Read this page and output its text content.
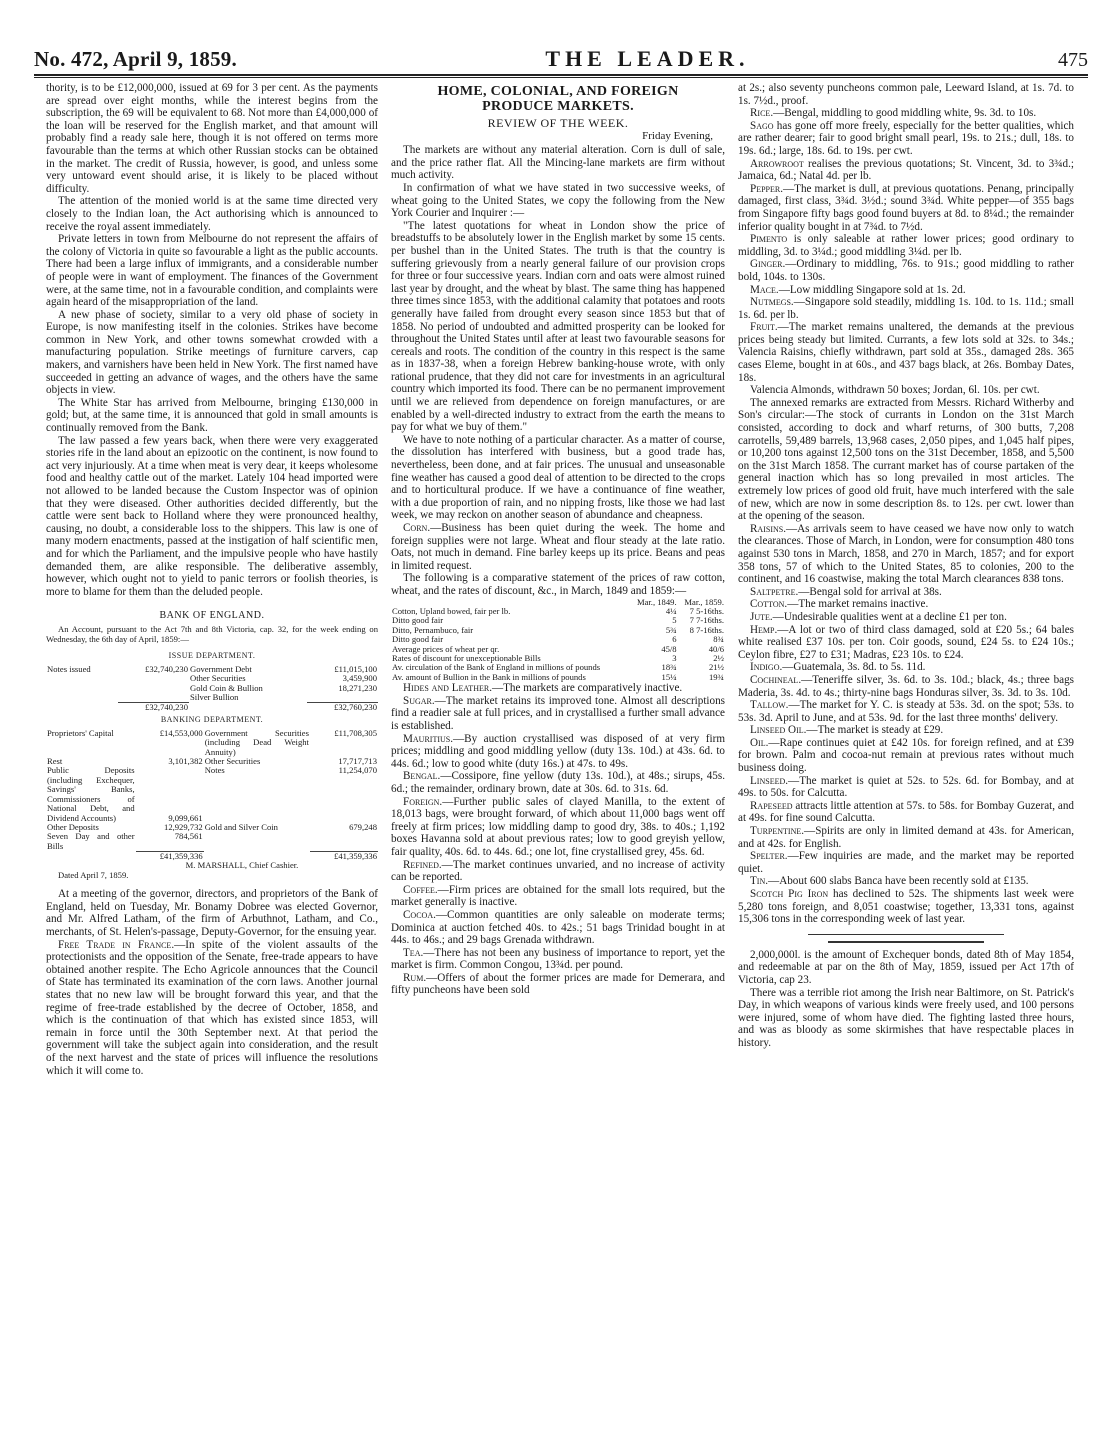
No. 472, April 9, 1859.	THE LEADER.	475

thority, is to be £12,000,000, issued at 69 for 3 per cent. As the payments are spread over eight months, while the interest begins from the subscription, the 69 will be equivalent to 68. Not more than £4,000,000 of the loan will be reserved for the English market, and that amount will probably find a ready sale here, though it is not offered on terms more favourable than the terms at which other Russian stocks can be obtained in the market. The credit of Russia, however, is good, and unless some very untoward event should arise, it is likely to be placed without difficulty.

The attention of the monied world is at the same time directed very closely to the Indian loan, the Act authorising which is announced to receive the royal assent immediately.

Private letters in town from Melbourne do not represent the affairs of the colony of Victoria in quite so favourable a light as the public accounts. There had been a large influx of immigrants, and a considerable number of people were in want of employment. The finances of the Government were, at the same time, not in a favourable condition, and complaints were again heard of the misappropriation of the land.

A new phase of society, similar to a very old phase of society in Europe, is now manifesting itself in the colonies. Strikes have become common in New York, and other towns somewhat crowded with a manufacturing population. Strike meetings of furniture carvers, cap makers, and varnishers have been held in New York. The first named have succeeded in getting an advance of wages, and the others have the same objects in view.

The White Star has arrived from Melbourne, bringing £130,000 in gold; but, at the same time, it is announced that gold in small amounts is continually removed from the Bank.

The law passed a few years back, when there were very exaggerated stories rife in the land about an epizootic on the continent, is now found to act very injuriously. At a time when meat is very dear, it keeps wholesome food and healthy cattle out of the market. Lately 104 head imported were not allowed to be landed because the Custom Inspector was of opinion that they were diseased. Other authorities decided differently, but the cattle were sent back to Holland where they were pronounced healthy, causing, no doubt, a considerable loss to the shippers. This law is one of many modern enactments, passed at the instigation of half scientific men, and for which the Parliament, and the impulsive people who have hastily demanded them, are alike responsible. The deliberative assembly, however, which ought not to yield to panic terrors or foolish theories, is more to blame for them than the deluded people.

BANK OF ENGLAND.

An Account, pursuant to the Act 7th and 8th Victoria, cap. 32, for the week ending on Wednesday, the 6th day of April, 1859:—

ISSUE DEPARTMENT.
Notes issued	£32,740,230	Government Debt	£11,015,100
		Other Securities	3,459,900
		Gold Coin & Bullion	18,271,230
		Silver Bullion	
	£32,740,230		£32,760,230
BANKING DEPARTMENT.
Proprietors' Capital	£14,553,000	Government Securities (including Dead Weight Annuity)	£11,708,305
Rest	3,101,382	Other Securities	17,717,713
Public Deposits (including Exchequer, Savings' Banks, Commissioners of National Debt, and Dividend Accounts)	9,099,661	Notes	11,254,070
Other Deposits	12,929,732	Gold and Silver Coin	679,248
Seven Day and other Bills	784,561		
	£41,359,336		£41,359,336
M. MARSHALL, Chief Cashier.

Dated April 7, 1859.

At a meeting of the governor, directors, and proprietors of the Bank of England, held on Tuesday, Mr. Bonamy Dobree was elected Governor, and Mr. Alfred Latham, of the firm of Arbuthnot, Latham, and Co., merchants, of St. Helen's-passage, Deputy-Governor, for the ensuing year.

Free Trade in France.—In spite of the violent assaults of the protectionists and the opposition of the Senate, free-trade appears to have obtained another respite. The Echo Agricole announces that the Council of State has terminated its examination of the corn laws. Another journal states that no new law will be brought forward this year, and that the regime of free-trade established by the decree of October, 1858, and which is the continuation of that which has existed since 1853, will remain in force until the 30th September next. At that period the government will take the subject again into consideration, and the result of the next harvest and the state of prices will influence the resolutions which it will come to.

HOME, COLONIAL, AND FOREIGN
PRODUCE MARKETS.
REVIEW OF THE WEEK.
Friday Evening,

The markets are without any material alteration. Corn is dull of sale, and the price rather flat. All the Mincing-lane markets are firm without much activity.

In confirmation of what we have stated in two successive weeks, of wheat going to the United States, we copy the following from the New York Courier and Inquirer :—

"The latest quotations for wheat in London show the price of breadstuffs to be absolutely lower in the English market by some 15 cents. per bushel than in the United States. The truth is that the country is suffering grievously from a nearly general failure of our provision crops for three or four successive years. Indian corn and oats were almost ruined last year by drought, and the wheat by blast. The same thing has happened three times since 1853, with the additional calamity that potatoes and roots generally have failed from drought every season since 1853 but that of 1858. No period of undoubted and admitted prosperity can be looked for throughout the United States until after at least two favourable seasons for cereals and roots. The condition of the country in this respect is the same as in 1837-38, when a foreign Hebrew banking-house wrote, with only rational prudence, that they did not care for investments in an agricultural country which imported its food. There can be no permanent improvement until we are relieved from dependence on foreign manufactures, or are enabled by a well-directed industry to extract from the earth the means to pay for what we buy of them."

We have to note nothing of a particular character. As a matter of course, the dissolution has interfered with business, but a good trade has, nevertheless, been done, and at fair prices. The unusual and unseasonable fine weather has caused a good deal of attention to be directed to the crops and to horticultural produce. If we have a continuance of fine weather, with a due proportion of rain, and no nipping frosts, like those we had last week, we may reckon on another season of abundance and cheapness.

Corn.—Business has been quiet during the week. The home and foreign supplies were not large. Wheat and flour steady at the late ratio. Oats, not much in demand. Fine barley keeps up its price. Beans and peas in limited request.

The following is a comparative statement of the prices of raw cotton, wheat, and the rates of discount, &c., in March, 1849 and 1859:—

	Mar., 1849.	Mar., 1859.
Cotton, Upland bowed, fair per lb.	4¼	7 5-16ths.
Ditto good fair	5	7 7-16ths.
Ditto, Pernambuco, fair	5¾	8 7-16ths.
Ditto good fair	6	8¾
Average prices of wheat per qr.	45/8	40/6
Rates of discount for unexceptionable Bills	3	2½
Av. circulation of the Bank of England in millions of pounds	18¾	21½
Av. amount of Bullion in the Bank in millions of pounds	15¼	19¾

Hides and Leather.—The markets are comparatively inactive.

Sugar.—The market retains its improved tone. Almost all descriptions find a readier sale at full prices, and in crystallised a further small advance is established.

Mauritius.—By auction crystallised was disposed of at very firm prices; middling and good middling yellow (duty 13s. 10d.) at 43s. 6d. to 44s. 6d.; low to good white (duty 16s.) at 47s. to 49s.

Bengal.—Cossipore, fine yellow (duty 13s. 10d.), at 48s.; sirups, 45s. 6d.; the remainder, ordinary brown, date at 30s. 6d. to 31s. 6d.

Foreign.—Further public sales of clayed Manilla, to the extent of 18,013 bags, were brought forward, of which about 11,000 bags went off freely at firm prices; low middling damp to good dry, 38s. to 40s.; 1,192 boxes Havanna sold at about previous rates; low to good greyish yellow, fair quality, 40s. 6d. to 44s. 6d.; one lot, fine crystallised grey, 45s. 6d.

Refined.—The market continues unvaried, and no increase of activity can be reported.

Coffee.—Firm prices are obtained for the small lots required, but the market generally is inactive.

Cocoa.—Common quantities are only saleable on moderate terms; Dominica at auction fetched 40s. to 42s.; 51 bags Trinidad bought in at 44s. to 46s.; and 29 bags Grenada withdrawn.

Tea.—There has not been any business of importance to report, yet the market is firm. Common Congou, 13¾d. per pound.

Rum.—Offers of about the former prices are made for Demerara, and fifty puncheons have been sold

at 2s.; also seventy puncheons common pale, Leeward Island, at 1s. 7d. to 1s. 7½d., proof.

Rice.—Bengal, middling to good middling white, 9s. 3d. to 10s.

Sago has gone off more freely, especially for the better qualities, which are rather dearer; fair to good bright small pearl, 19s. to 21s.; dull, 18s. to 19s. 6d.; large, 18s. 6d. to 19s. per cwt.

Arrowroot realises the previous quotations; St. Vincent, 3d. to 3¾d.; Jamaica, 6d.; Natal 4d. per lb.

Pepper.—The market is dull, at previous quotations. Penang, principally damaged, first class, 3¾d. 3½d.; sound 3¾d. White pepper—of 355 bags from Singapore fifty bags good found buyers at 8d. to 8¼d.; the remainder inferior quality bought in at 7¾d. to 7½d.

Pimento is only saleable at rather lower prices; good ordinary to middling, 3d. to 3¼d.; good middling 3¼d. per lb.

Ginger.—Ordinary to middling, 76s. to 91s.; good middling to rather bold, 104s. to 130s.

Mace.—Low middling Singapore sold at 1s. 2d.

Nutmegs.—Singapore sold steadily, middling 1s. 10d. to 1s. 11d.; small 1s. 6d. per lb.

Fruit.—The market remains unaltered, the demands at the previous prices being steady but limited. Currants, a few lots sold at 32s. to 34s.; Valencia Raisins, chiefly withdrawn, part sold at 35s., damaged 28s. 365 cases Eleme, bought in at 60s., and 437 bags black, at 26s. Bombay Dates, 18s.

Valencia Almonds, withdrawn 50 boxes; Jordan, 6l. 10s. per cwt.

The annexed remarks are extracted from Messrs. Richard Witherby and Son's circular:—The stock of currants in London on the 31st March consisted, according to dock and wharf returns, of 300 butts, 7,208 carrotells, 59,489 barrels, 13,968 cases, 2,050 pipes, and 1,045 half pipes, or 10,200 tons against 12,500 tons on the 31st December, 1858, and 5,500 on the 31st March 1858. The currant market has of course partaken of the general inaction which has so long prevailed in most articles. The extremely low prices of good old fruit, have much interfered with the sale of new, which are now in some description 8s. to 12s. per cwt. lower than at the opening of the season.

Raisins.—As arrivals seem to have ceased we have now only to watch the clearances. Those of March, in London, were for consumption 480 tons against 530 tons in March, 1858, and 270 in March, 1857; and for export 358 tons, 57 of which to the United States, 85 to colonies, 200 to the continent, and 16 coastwise, making the total March clearances 838 tons.

Saltpetre.—Bengal sold for arrival at 38s.

Cotton.—The market remains inactive.

Jute.—Undesirable qualities went at a decline £1 per ton.

Hemp.—A lot or two of third class damaged, sold at £20 5s.; 64 bales white realised £37 10s. per ton. Coir goods, sound, £24 5s. to £24 10s.; Ceylon fibre, £27 to £31; Madras, £23 10s. to £24.

Indigo.—Guatemala, 3s. 8d. to 5s. 11d.

Cochineal.—Teneriffe silver, 3s. 6d. to 3s. 10d.; black, 4s.; three bags Maderia, 3s. 4d. to 4s.; thirty-nine bags Honduras silver, 3s. 3d. to 3s. 10d.

Tallow.—The market for Y. C. is steady at 53s. 3d. on the spot; 53s. to 53s. 3d. April to June, and at 53s. 9d. for the last three months' delivery.

Linseed Oil.—The market is steady at £29.

Oil.—Rape continues quiet at £42 10s. for foreign refined, and at £39 for brown. Palm and cocoa-nut remain at previous rates without much business doing.

Linseed.—The market is quiet at 52s. to 52s. 6d. for Bombay, and at 49s. to 50s. for Calcutta.

Rapeseed attracts little attention at 57s. to 58s. for Bombay Guzerat, and at 49s. for fine sound Calcutta.

Turpentine.—Spirits are only in limited demand at 43s. for American, and at 42s. for English.

Spelter.—Few inquiries are made, and the market may be reported quiet.

Tin.—About 600 slabs Banca have been recently sold at £135.

Scotch Pig Iron has declined to 52s. The shipments last week were 5,280 tons foreign, and 8,051 coastwise; together, 13,331 tons, against 15,306 tons in the corresponding week of last year.

2,000,000l. is the amount of Exchequer bonds, dated 8th of May 1854, and redeemable at par on the 8th of May, 1859, issued per Act 17th of Victoria, cap 23.

There was a terrible riot among the Irish near Baltimore, on St. Patrick's Day, in which weapons of various kinds were freely used, and 100 persons were injured, some of whom have died. The fighting lasted three hours, and was as bloody as some skirmishes that have respectable places in history.
